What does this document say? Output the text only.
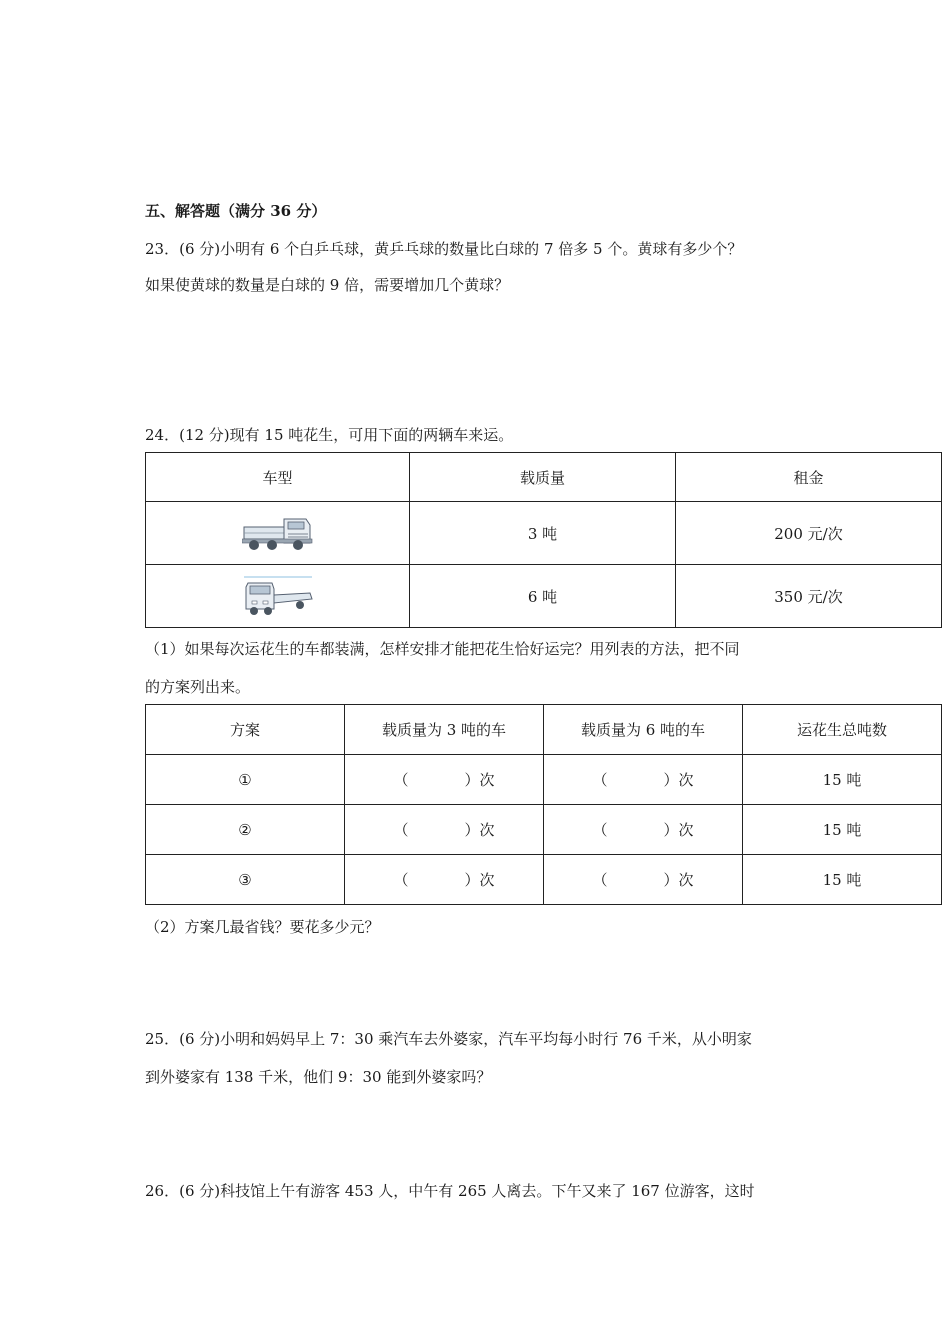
五、解答题（满分 36 分）
23．(6 分)小明有 6 个白乒乓球，黄乒乓球的数量比白球的 7 倍多 5 个。黄球有多少个？
如果使黄球的数量是白球的 9 倍，需要增加几个黄球？
24．(12 分)现有 15 吨花生，可用下面的两辆车来运。
车型	载质量	租金
	3 吨	200 元/次
	6 吨	350 元/次
（1）如果每次运花生的车都装满，怎样安排才能把花生恰好运完？用列表的方法，把不同
的方案列出来。
方案	载质量为 3 吨的车	载质量为 6 吨的车	运花生总吨数
①	（ ）次	（ ）次	15 吨
②	（ ）次	（ ）次	15 吨
③	（ ）次	（ ）次	15 吨
（2）方案几最省钱？要花多少元？
25．(6 分)小明和妈妈早上 7：30 乘汽车去外婆家，汽车平均每小时行 76 千米，从小明家
到外婆家有 138 千米，他们 9：30 能到外婆家吗？
26．(6 分)科技馆上午有游客 453 人，中午有 265 人离去。下午又来了 167 位游客，这时
